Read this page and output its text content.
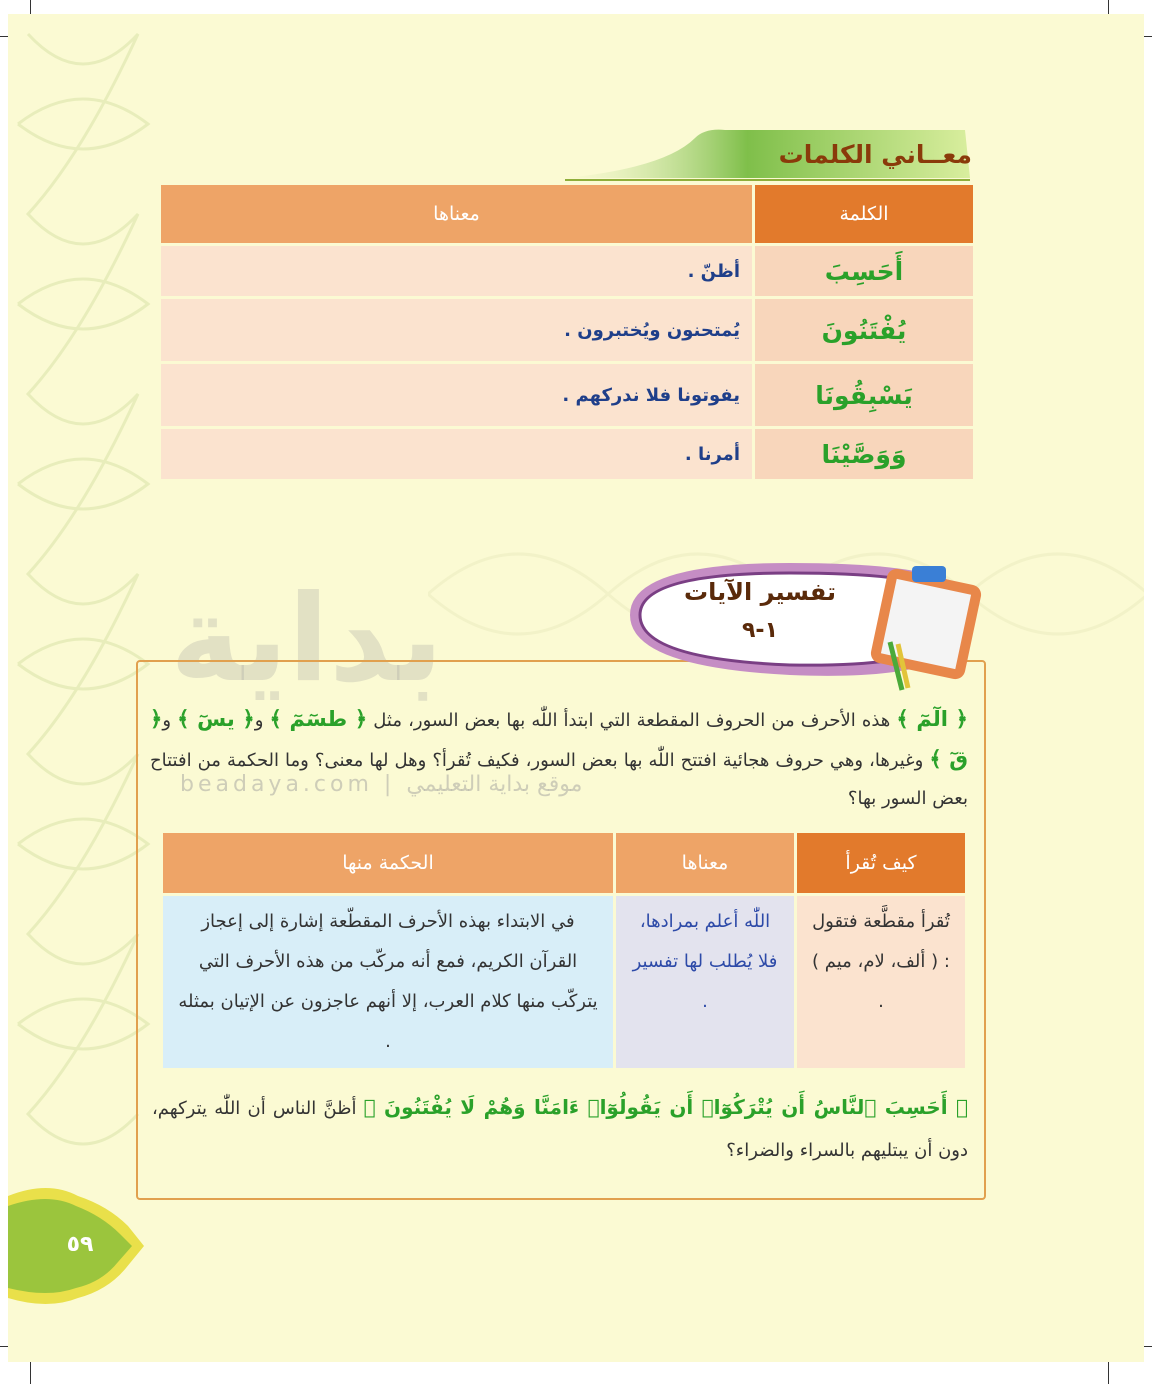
معــاني الكلمات
الكلمة	معناها
أَحَسِبَ	أظنّ .
يُفْتَنُونَ	يُمتحنون ويُختبرون .
يَسْبِقُونَا	يفوتونا فلا ندركهم .
وَوَصَّيْنَا	أمرنا .
بداية
beadaya.com | موقع بداية التعليمي
تفسير الآيات
١-٩
﴿ الٓمٓ ﴾ هذه الأحرف من الحروف المقطعة التي ابتدأ اللّٰه بها بعض السور، مثل ﴿ طسٓمٓ ﴾ و﴿ يسٓ ﴾ و﴿ قٓ ﴾ وغيرها، وهي حروف هجائية افتتح اللّٰه بها بعض السور، فكيف تُقرأ؟ وهل لها معنى؟ وما الحكمة من افتتاح بعض السور بها؟
كيف تُقرأ	معناها	الحكمة منها
تُقرأ مقطَّعة فتقول : ( ألف، لام، ميم ) .	اللّٰه أعلم بمرادها، فلا يُطلب لها تفسير .	في الابتداء بهذه الأحرف المقطّعة إشارة إلى إعجاز القرآن الكريم، فمع أنه مركّب من هذه الأحرف التي يتركّب منها كلام العرب، إلا أنهم عاجزون عن الإتيان بمثله .
﴿ أَحَسِبَ ٱلنَّاسُ أَن يُتْرَكُوٓا۟ أَن يَقُولُوٓا۟ ءَامَنَّا وَهُمْ لَا يُفْتَنُونَ ﴾ أظنَّ الناس أن اللّٰه يتركهم، دون أن يبتليهم بالسراء والضراء؟
٥٩
